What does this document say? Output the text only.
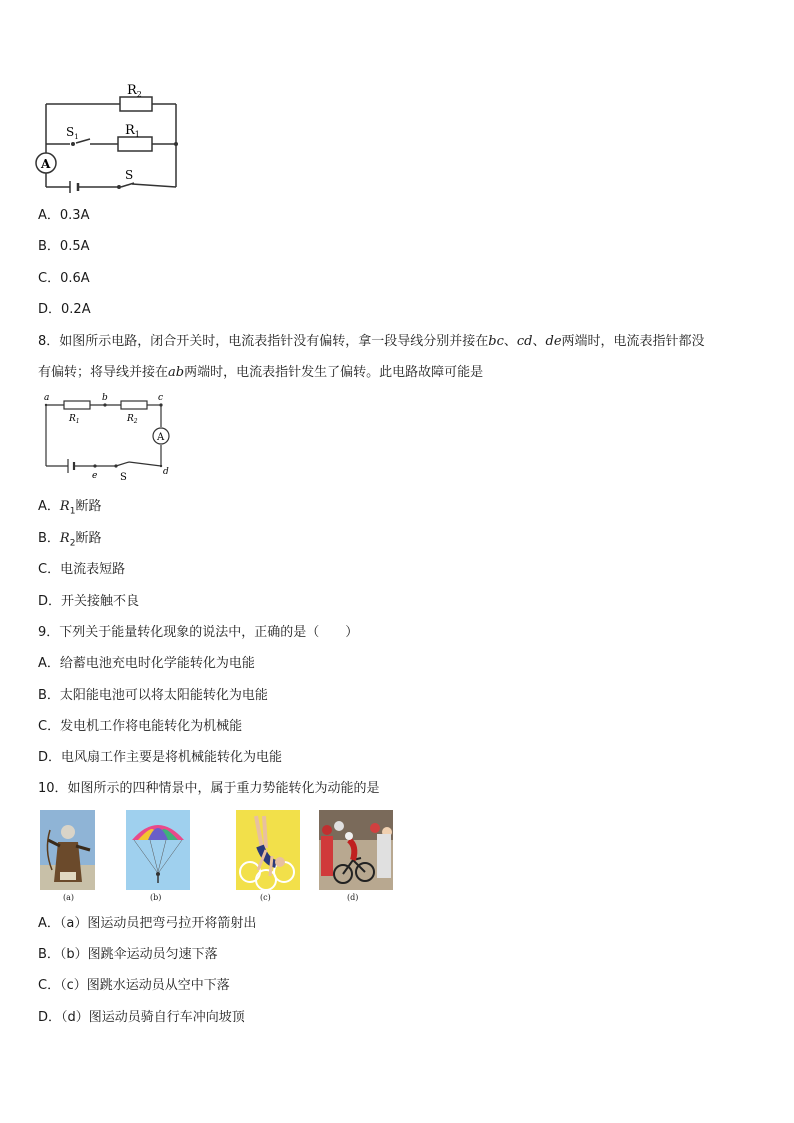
$R_2$
$R_1$
$S_1$
S
A
A．0.3A
B．0.5A
C．0.6A
D．0.2A
8．如图所示电路，闭合开关时，电流表指针没有偏转，拿一段导线分别并接在bc、cd、de两端时，电流表指针都没
有偏转；将导线并接在ab两端时，电流表指针发生了偏转。此电路故障可能是
a	b	c
d
e
$R_1$	$R_2$
A
S
A．$R_1$断路
B．$R_2$断路
C．电流表短路
D．开关接触不良
9．下列关于能量转化现象的说法中，正确的是（　　）
A．给蓄电池充电时化学能转化为电能
B．太阳能电池可以将太阳能转化为电能
C．发电机工作将电能转化为机械能
D．电风扇工作主要是将机械能转化为电能
10．如图所示的四种情景中，属于重力势能转化为动能的是
(a)	(b)	(c)	(d)
A．（a）图运动员把弯弓拉开将箭射出
B．（b）图跳伞运动员匀速下落
C．（c）图跳水运动员从空中下落
D．（d）图运动员骑自行车冲向坡顶
